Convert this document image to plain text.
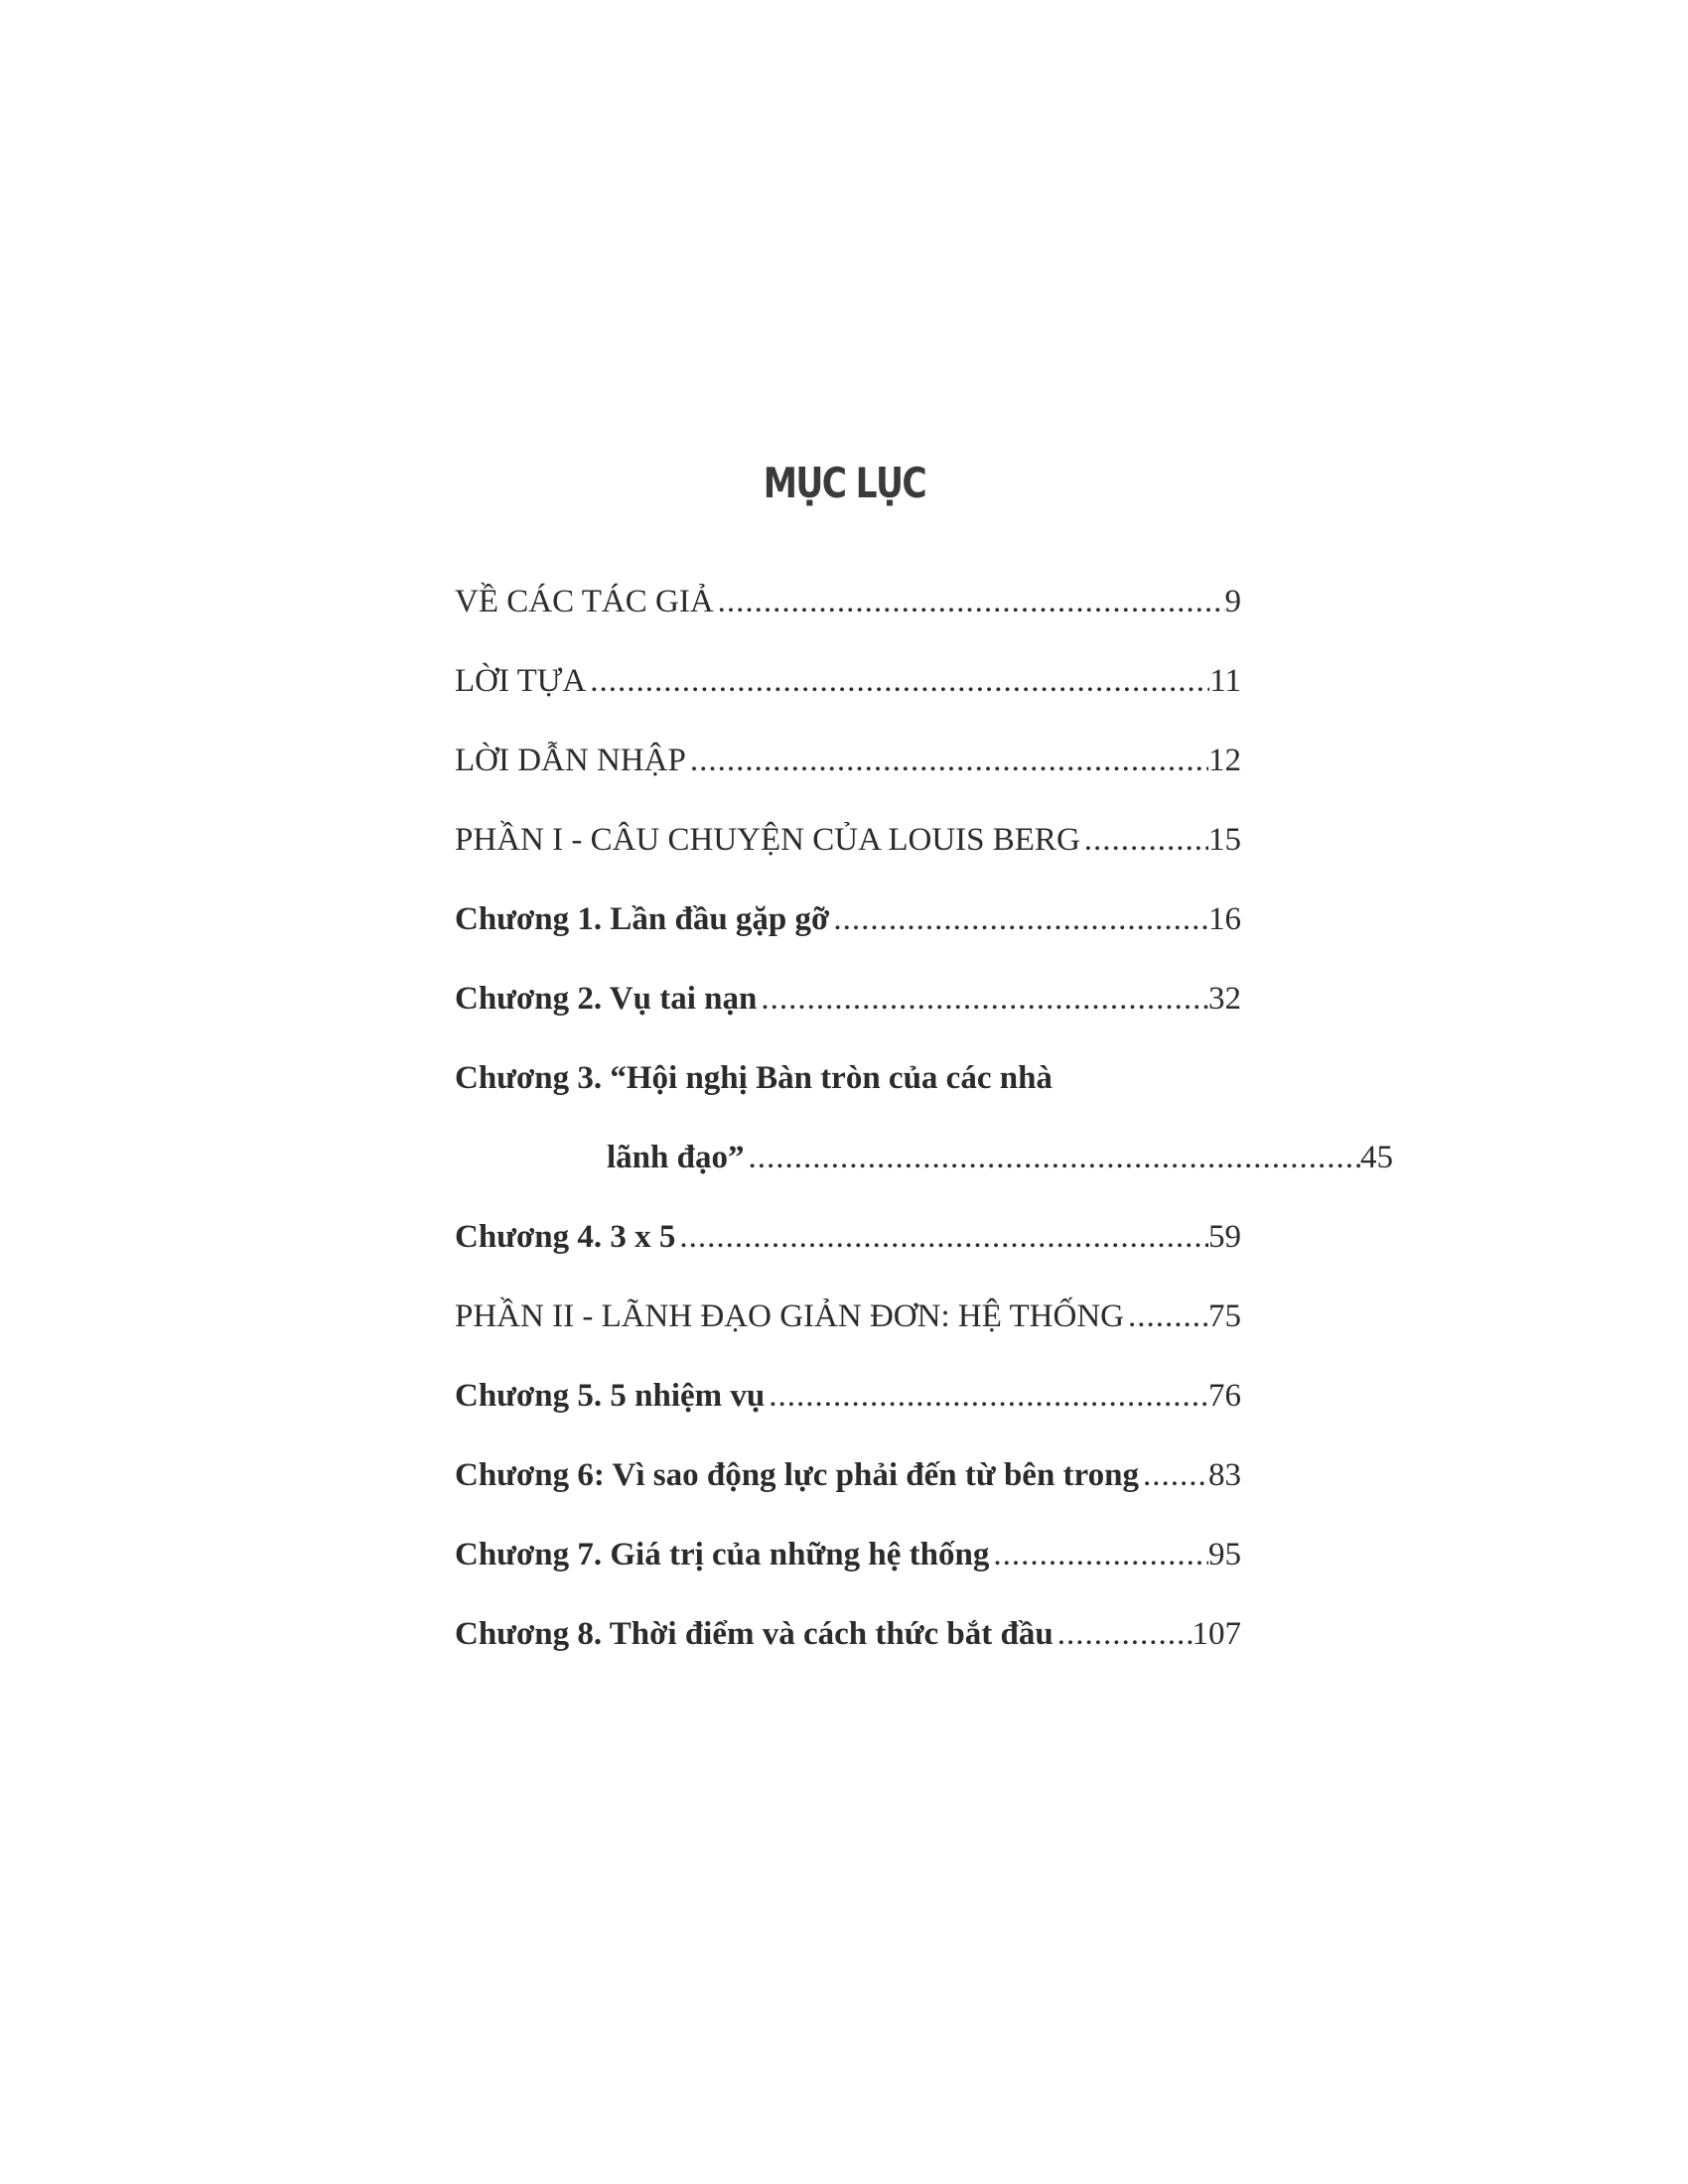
MỤC LỤC
VỀ CÁC TÁC GIẢ .....	9
LỜI TỰA .....	11
LỜI DẪN NHẬP .....	12
PHẦN I - CÂU CHUYỆN CỦA LOUIS BERG .....	15
Chương 1. Lần đầu gặp gỡ .....	16
Chương 2. Vụ tai nạn .....	32
Chương 3. “Hội nghị Bàn tròn của các nhà
lãnh đạo” .....	45
Chương 4. 3 x 5 .....	59
PHẦN II - LÃNH ĐẠO GIẢN ĐƠN: HỆ THỐNG .....	75
Chương 5. 5 nhiệm vụ .....	76
Chương 6: Vì sao động lực phải đến từ bên trong ..... 83
Chương 7. Giá trị của những hệ thống .....	95
Chương 8. Thời điểm và cách thức bắt đầu .....	107
